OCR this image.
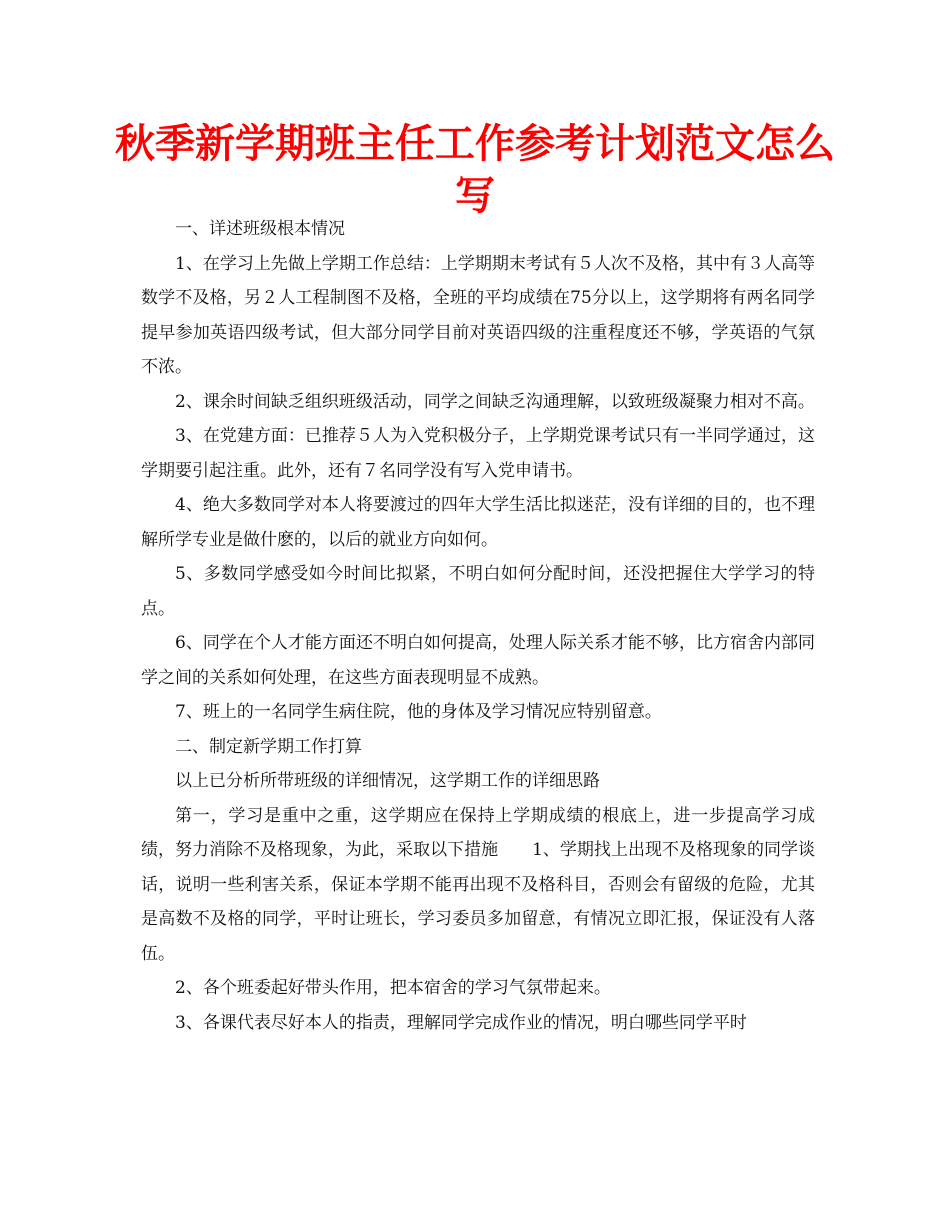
秋季新学期班主任工作参考计划范文怎么写

一、详述班级根本情况

1、在学习上先做上学期工作总结：上学期期末考试有５人次不及格，其中有３人高等数学不及格，另２人工程制图不及格，全班的平均成绩在75分以上，这学期将有两名同学提早参加英语四级考试，但大部分同学目前对英语四级的注重程度还不够，学英语的气氛不浓。

2、课余时间缺乏组织班级活动，同学之间缺乏沟通理解，以致班级凝聚力相对不高。

3、在党建方面：已推荐５人为入党积极分子，上学期党课考试只有一半同学通过，这学期要引起注重。此外，还有７名同学没有写入党申请书。

4、绝大多数同学对本人将要渡过的四年大学生活比拟迷茫，没有详细的目的，也不理解所学专业是做什麽的，以后的就业方向如何。

5、多数同学感受如今时间比拟紧，不明白如何分配时间，还没把握住大学学习的特点。

6、同学在个人才能方面还不明白如何提高，处理人际关系才能不够，比方宿舍内部同学之间的关系如何处理，在这些方面表现明显不成熟。

7、班上的一名同学生病住院，他的身体及学习情况应特别留意。

二、制定新学期工作打算

以上已分析所带班级的详细情况，这学期工作的详细思路

第一，学习是重中之重，这学期应在保持上学期成绩的根底上，进一步提高学习成绩，努力消除不及格现象，为此，采取以下措施　　1、学期找上出现不及格现象的同学谈话，说明一些利害关系，保证本学期不能再出现不及格科目，否则会有留级的危险，尤其是高数不及格的同学，平时让班长，学习委员多加留意，有情况立即汇报，保证没有人落伍。

2、各个班委起好带头作用，把本宿舍的学习气氛带起来。

3、各课代表尽好本人的指责，理解同学完成作业的情况，明白哪些同学平时
